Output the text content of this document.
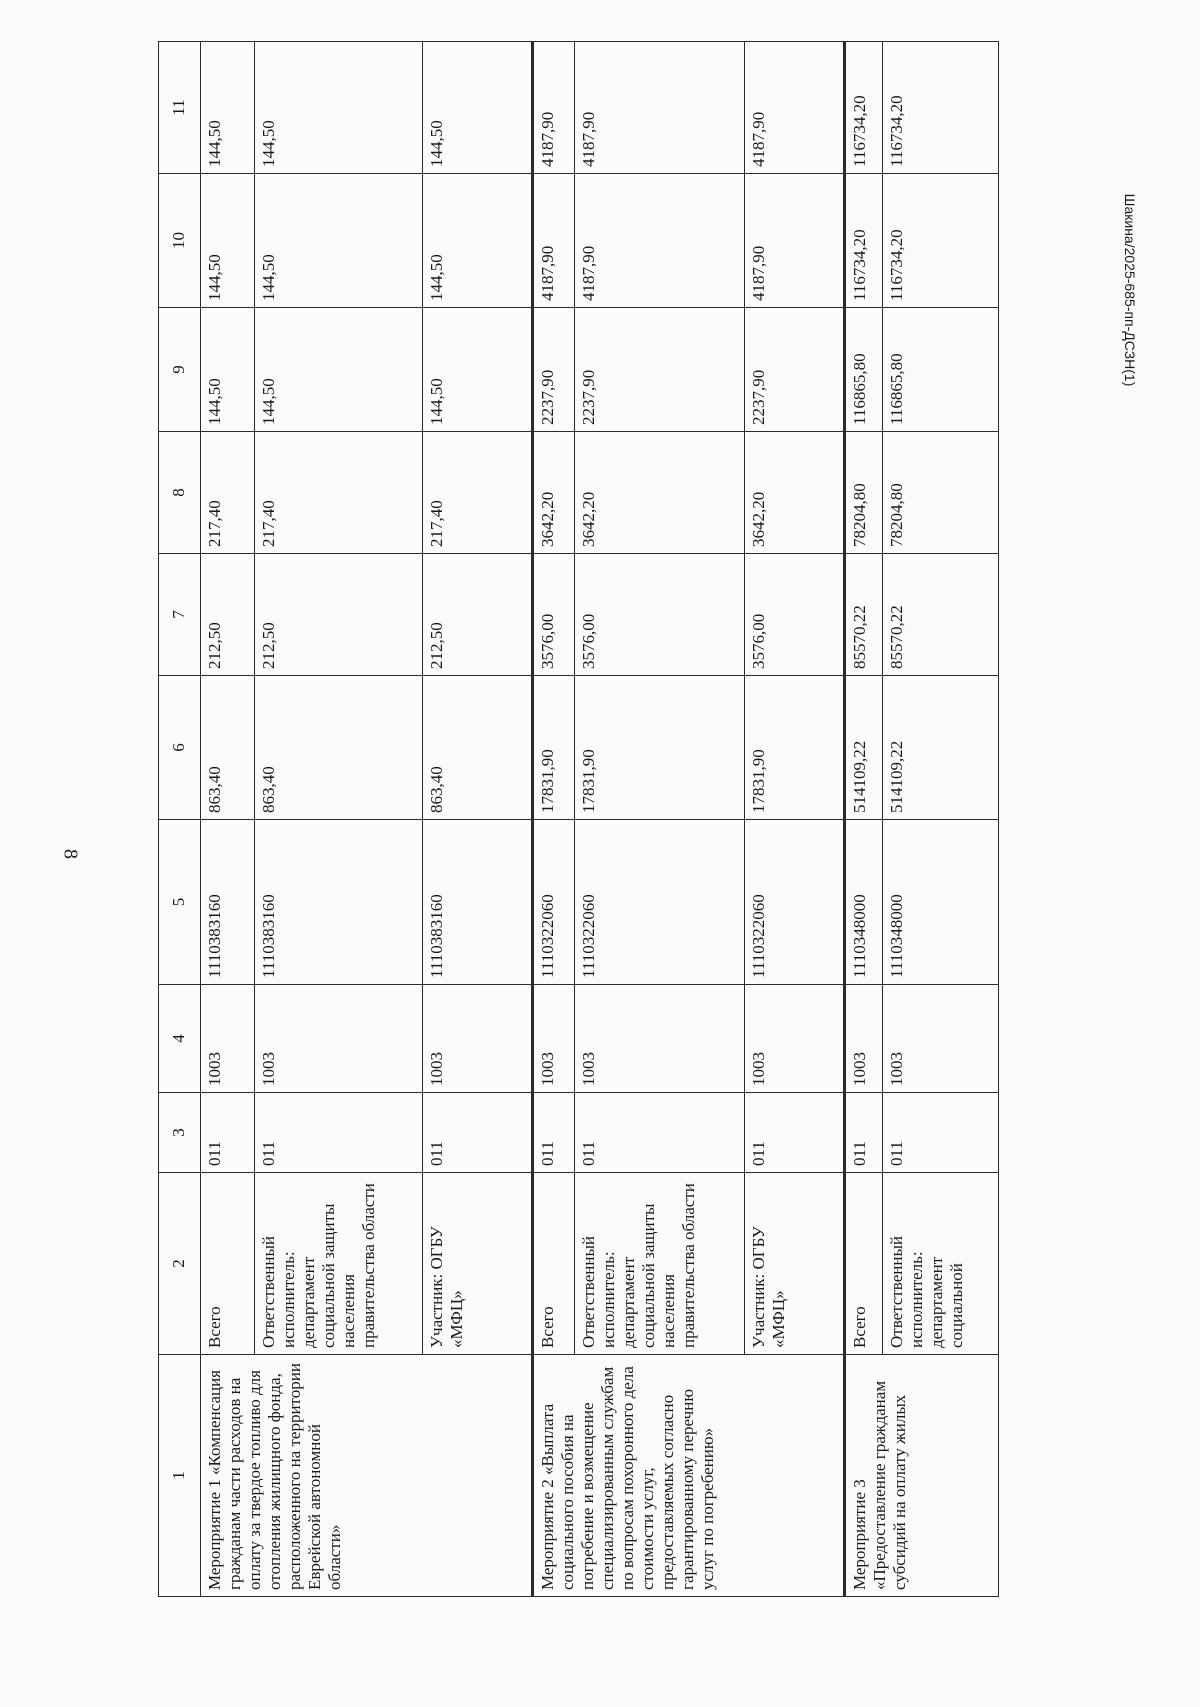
8
Шакина/2025-685-пп-ДСЗН(1)
1	2	3	4	5	6	7	8	9	10	11
Мероприятие 1 «Компенсация гражданам части расходов на оплату за твердое топливо для отопления жилищного фонда, расположенного на территории Еврейской автономной области»	Всего	011	1003	1110383160	863,40	212,50	217,40	144,50	144,50	144,50
	Ответственный исполнитель: департамент социальной защиты населения правительства области	011	1003	1110383160	863,40	212,50	217,40	144,50	144,50	144,50
	Участник: ОГБУ «МФЦ»	011	1003	1110383160	863,40	212,50	217,40	144,50	144,50	144,50
Мероприятие 2 «Выплата социального пособия на погребение и возмещение специализированным службам по вопросам похоронного дела стоимости услуг, предоставляемых согласно гарантированному перечню услуг по погребению»	Всего	011	1003	1110322060	17831,90	3576,00	3642,20	2237,90	4187,90	4187,90
	Ответственный исполнитель: департамент социальной защиты населения правительства области	011	1003	1110322060	17831,90	3576,00	3642,20	2237,90	4187,90	4187,90
	Участник: ОГБУ «МФЦ»	011	1003	1110322060	17831,90	3576,00	3642,20	2237,90	4187,90	4187,90
Мероприятие 3 «Предоставление гражданам субсидий на оплату жилых	Всего	011	1003	1110348000	514109,22	85570,22	78204,80	116865,80	116734,20	116734,20
	Ответственный исполнитель: департамент социальной	011	1003	1110348000	514109,22	85570,22	78204,80	116865,80	116734,20	116734,20
